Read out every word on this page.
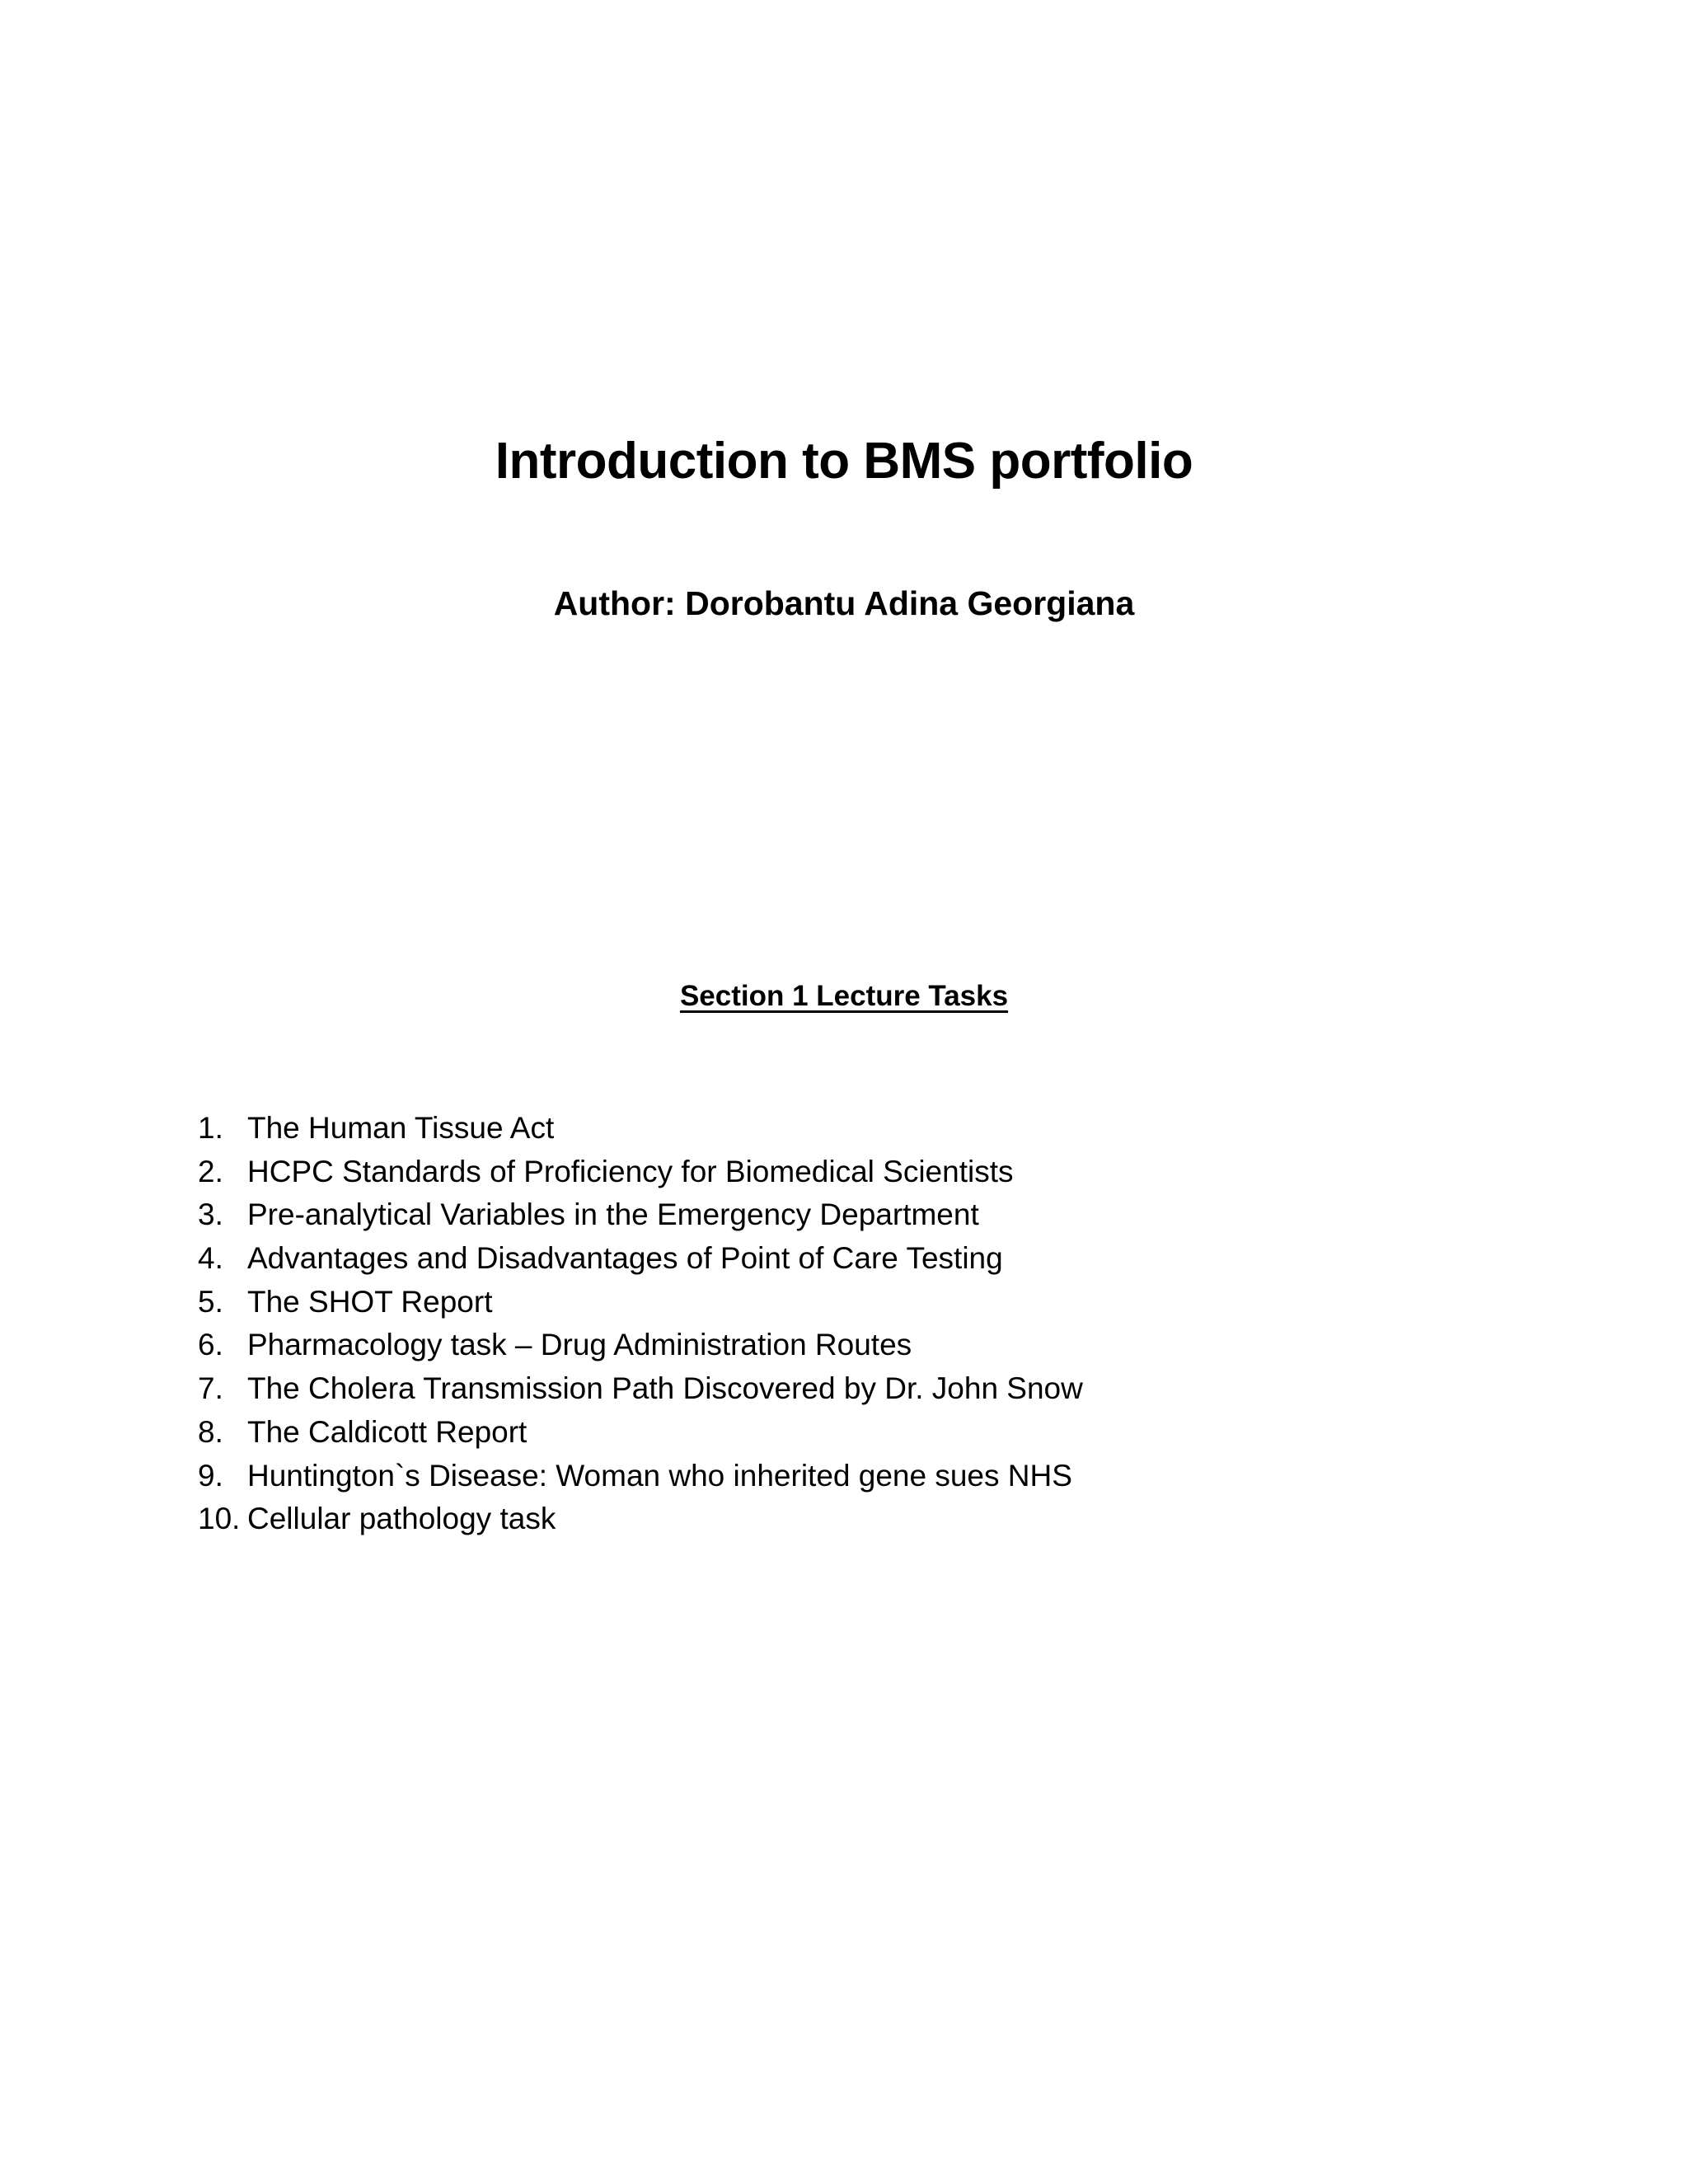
Introduction to BMS portfolio
Author: Dorobantu Adina Georgiana
Section 1 Lecture Tasks
1. The Human Tissue Act
2. HCPC Standards of Proficiency for Biomedical Scientists
3. Pre-analytical Variables in the Emergency Department
4. Advantages and Disadvantages of Point of Care Testing
5. The SHOT Report
6. Pharmacology task – Drug Administration Routes
7. The Cholera Transmission Path Discovered by Dr. John Snow
8. The Caldicott Report
9. Huntington`s Disease: Woman who inherited gene sues NHS
10. Cellular pathology task
